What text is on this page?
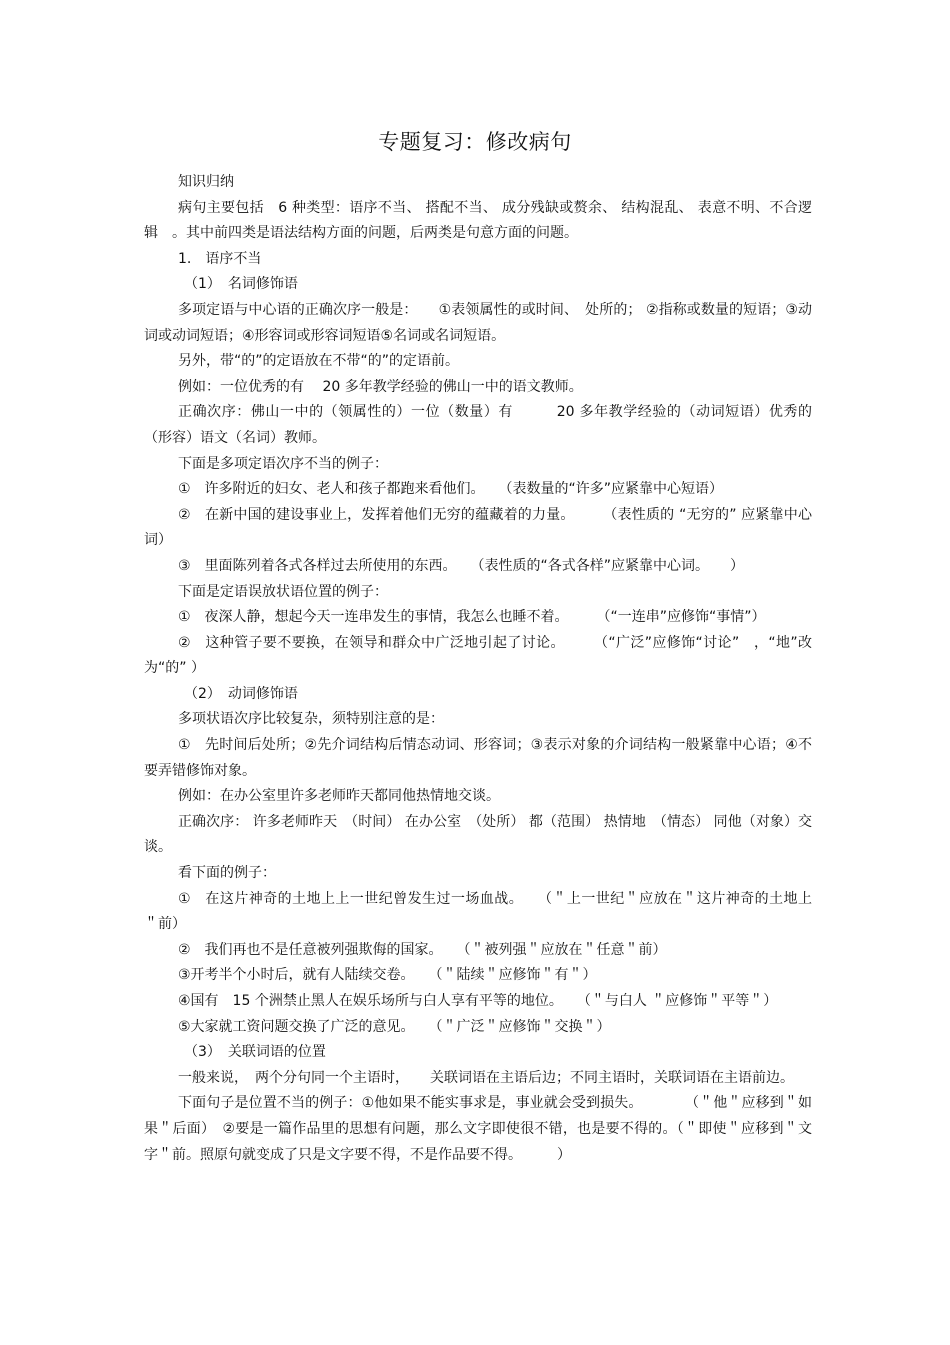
专题复习：修改病句

知识归纳

病句主要包括　6 种类型：语序不当、 搭配不当、 成分残缺或赘余、 结构混乱、 表意不明、不合逻辑　。其中前四类是语法结构方面的问题，后两类是句意方面的问题。

1.　语序不当

（1）　名词修饰语

多项定语与中心语的正确次序一般是：　　①表领属性的或时间、　处所的； ②指称或数量的短语；③动词或动词短语；④形容词或形容词短语⑤名词或名词短语。

另外，带“的”的定语放在不带“的”的定语前。

例如：一位优秀的有　 20 多年教学经验的佛山一中的语文教师。

正确次序：佛山一中的（领属性的）一位（数量）有　　　20 多年教学经验的（动词短语）优秀的（形容）语文（名词）教师。

下面是多项定语次序不当的例子：

①　许多附近的妇女、老人和孩子都跑来看他们。　　（表数量的“许多”应紧靠中心短语）

②　在新中国的建设事业上，发挥着他们无穷的蕴藏着的力量。　　　（表性质的 “无穷的” 应紧靠中心词）

③　里面陈列着各式各样过去所使用的东西。　　（表性质的“各式各样”应紧靠中心词。　　）

下面是定语误放状语位置的例子：

①　夜深人静，想起今天一连串发生的事情，我怎么也睡不着。　　　（“一连串”应修饰“事情”）

②　这种管子要不要换，在领导和群众中广泛地引起了讨论。　　　（“广泛”应修饰“讨论”　，“地”改为“的” ）

（2）　动词修饰语

多项状语次序比较复杂，须特别注意的是：

①　先时间后处所；②先介词结构后情态动词、形容词；③表示对象的介词结构一般紧靠中心语；④不要弄错修饰对象。

例如：在办公室里许多老师昨天都同他热情地交谈。

正确次序： 许多老师昨天　（时间） 在办公室　（处所） 都（范围） 热情地　（情态） 同他（对象）交谈。

看下面的例子：

①　在这片神奇的土地上上一世纪曾发生过一场血战。　　（＂上一世纪＂应放在＂这片神奇的土地上　＂前）

②　我们再也不是任意被列强欺侮的国家。　　（＂被列强＂应放在＂任意＂前）

③开考半个小时后，就有人陆续交卷。　　（＂陆续＂应修饰＂有＂）

④国有　15 个洲禁止黑人在娱乐场所与白人享有平等的地位。　　（＂与白人 ＂应修饰＂平等＂）

⑤大家就工资问题交换了广泛的意见。　　（＂广泛＂应修饰＂交换＂）

（3）　关联词语的位置

一般来说，　两个分句同一个主语时，　　关联词语在主语后边；不同主语时，关联词语在主语前边。

下面句子是位置不当的例子：①他如果不能实事求是，事业就会受到损失。　　　　（＂他＂应移到＂如果＂后面）　②要是一篇作品里的思想有问题，那么文字即使很不错，也是要不得的。（＂即使＂应移到＂文字＂前。照原句就变成了只是文字要不得，不是作品要不得。　　　）
